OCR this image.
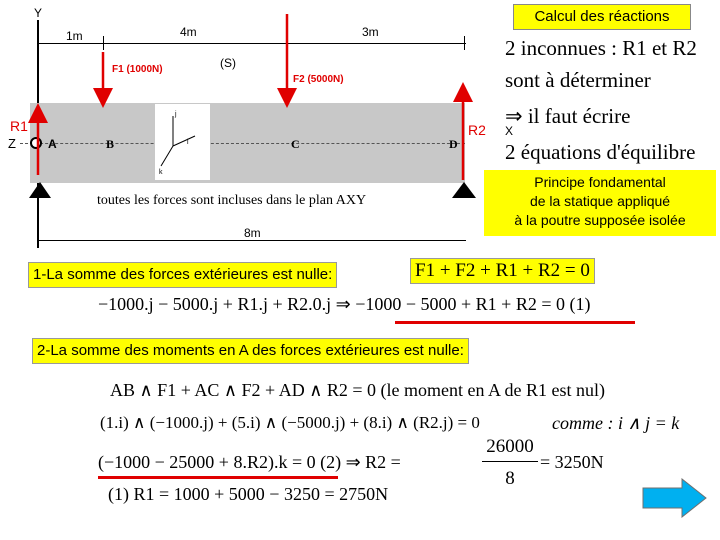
Calcul des réactions
Y
1m	4m	3m
(S)
j
i
k
A	B	C	D
Z
X
F1 (1000N)
F2 (5000N)
R1	R2
toutes les forces sont incluses dans le plan AXY
8m
2 inconnues : R1 et R2
sont à déterminer
⇒ il faut écrire
2 équations d'équilibre
Principe fondamental
de la statique appliqué
à la poutre supposée isolée
1-La somme des forces extérieures est nulle:	F1 + F2 + R1 + R2 = 0
−1000.j − 5000.j + R1.j + R2.0.j ⇒ −1000 − 5000 + R1 + R2 = 0 (1)
2-La somme des moments en A des forces extérieures est nulle:
AB ∧ F1 + AC ∧ F2 + AD ∧ R2 = 0 (le moment en A de R1 est nul)
(1.i) ∧ (−1000.j) + (5.i) ∧ (−5000.j) + (8.i) ∧ (R2.j) = 0	comme : i ∧ j = k
(−1000 − 25000 + 8.R2).k = 0 (2) ⇒ R2 =
26000
8
= 3250N
(1) R1 = 1000 + 5000 − 3250 = 2750N
